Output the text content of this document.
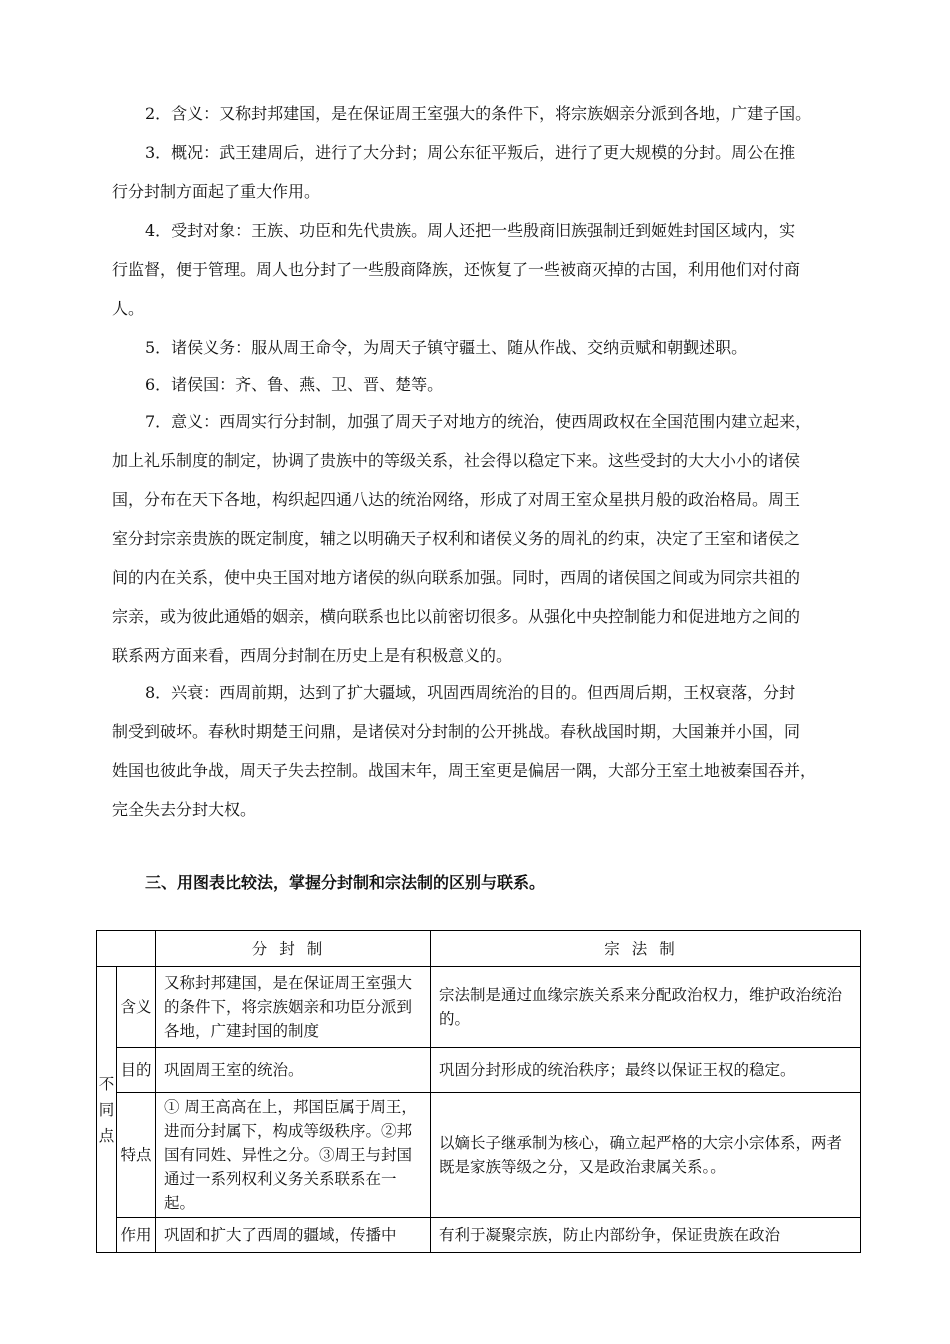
2．含义：又称封邦建国，是在保证周王室强大的条件下，将宗族姻亲分派到各地，广建子国。
3．概况：武王建周后，进行了大分封；周公东征平叛后，进行了更大规模的分封。周公在推
行分封制方面起了重大作用。
4．受封对象：王族、功臣和先代贵族。周人还把一些殷商旧族强制迁到姬姓封国区域内，实
行监督，便于管理。周人也分封了一些殷商降族，还恢复了一些被商灭掉的古国，利用他们对付商
人。
5．诸侯义务：服从周王命令，为周天子镇守疆土、随从作战、交纳贡赋和朝觐述职。
6．诸侯国：齐、鲁、燕、卫、晋、楚等。
7．意义：西周实行分封制，加强了周天子对地方的统治，使西周政权在全国范围内建立起来，
加上礼乐制度的制定，协调了贵族中的等级关系，社会得以稳定下来。这些受封的大大小小的诸侯
国，分布在天下各地，构织起四通八达的统治网络，形成了对周王室众星拱月般的政治格局。周王
室分封宗亲贵族的既定制度，辅之以明确天子权利和诸侯义务的周礼的约束，决定了王室和诸侯之
间的内在关系，使中央王国对地方诸侯的纵向联系加强。同时，西周的诸侯国之间或为同宗共祖的
宗亲，或为彼此通婚的姻亲，横向联系也比以前密切很多。从强化中央控制能力和促进地方之间的
联系两方面来看，西周分封制在历史上是有积极意义的。
8．兴衰：西周前期，达到了扩大疆域，巩固西周统治的目的。但西周后期，王权衰落，分封
制受到破坏。春秋时期楚王问鼎，是诸侯对分封制的公开挑战。春秋战国时期，大国兼并小国，同
姓国也彼此争战，周天子失去控制。战国末年，周王室更是偏居一隅，大部分王室土地被秦国吞并，
完全失去分封大权。

三、用图表比较法，掌握分封制和宗法制的区别与联系。

		分封制	宗法制
不同点	含义	又称封邦建国，是在保证周王室强大的条件下，将宗族姻亲和功臣分派到各地，广建封国的制度	宗法制是通过血缘宗族关系来分配政治权力，维护政治统治的。
	目的	巩固周王室的统治。	巩固分封形成的统治秩序；最终以保证王权的稳定。
	特点	① 周王高高在上，邦国臣属于周王，进而分封属下，构成等级秩序。②邦国有同姓、异性之分。③周王与封国通过一系列权利义务关系联系在一起。	以嫡长子继承制为核心，确立起严格的大宗小宗体系，两者既是家族等级之分，又是政治隶属关系。。
	作用	巩固和扩大了西周的疆域，传播中	有利于凝聚宗族，防止内部纷争，保证贵族在政治
